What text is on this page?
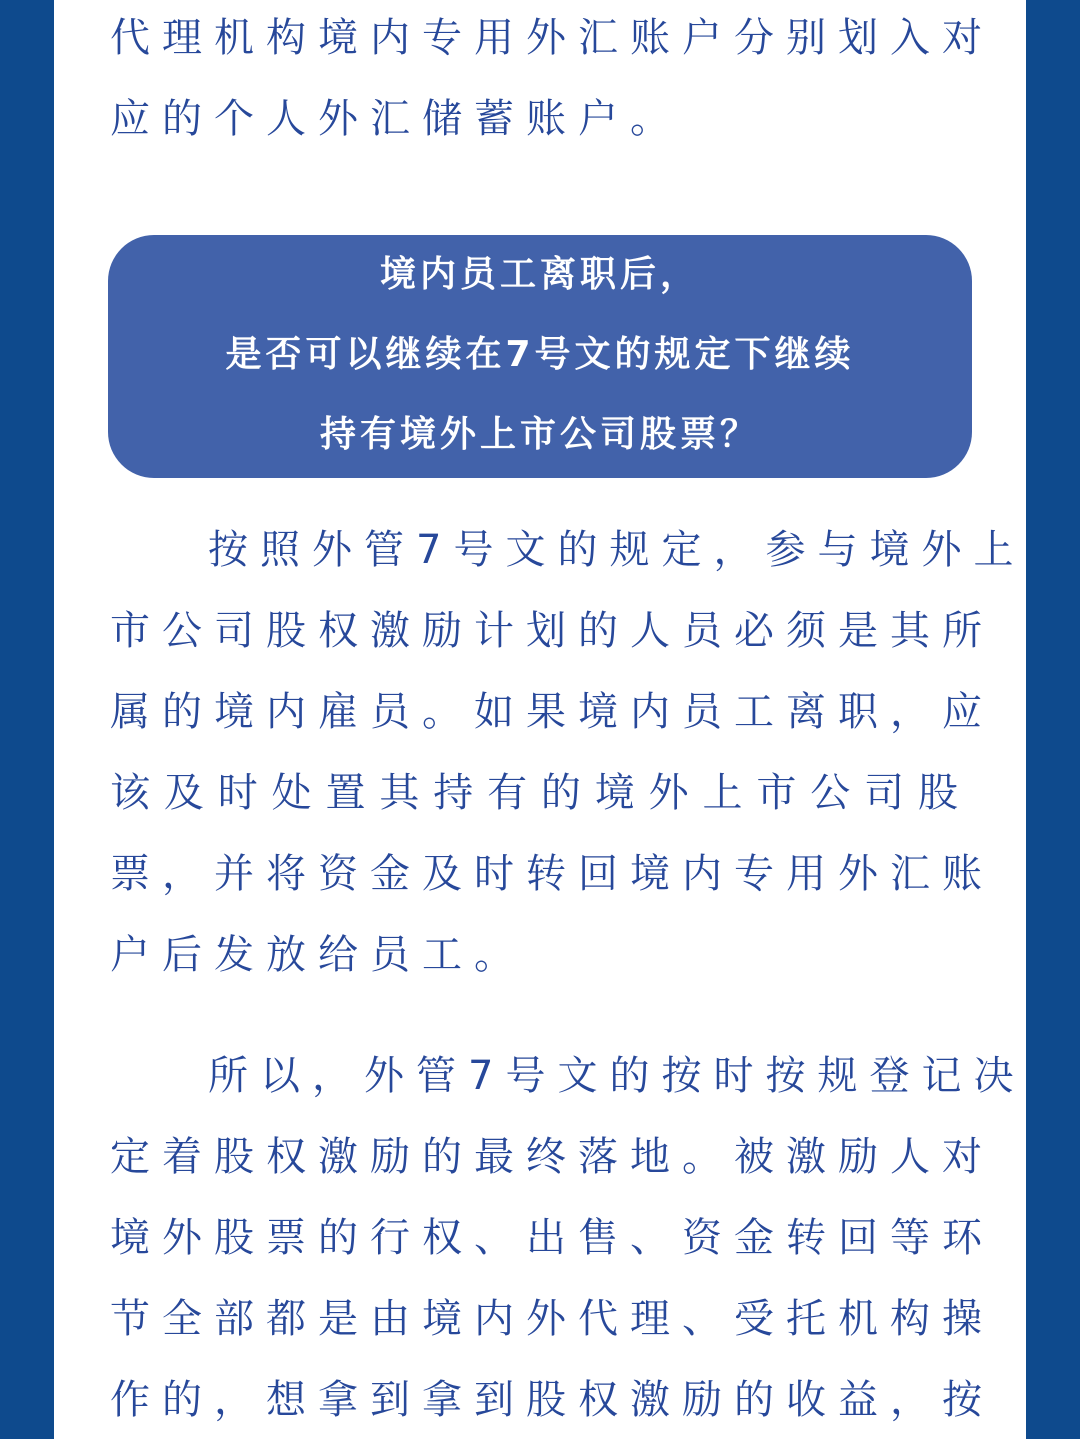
代理机构境内专用外汇账户分别划入对
应的个人外汇储蓄账户。

境内员工离职后，
是否可以继续在7号文的规定下继续
持有境外上市公司股票？

按照外管7号文的规定，参与境外上
市公司股权激励计划的人员必须是其所
属的境内雇员。如果境内员工离职，应
该及时处置其持有的境外上市公司股
票，并将资金及时转回境内专用外汇账
户后发放给员工。

所以，外管7号文的按时按规登记决
定着股权激励的最终落地。被激励人对
境外股票的行权、出售、资金转回等环
节全部都是由境内外代理、受托机构操
作的，想拿到拿到股权激励的收益，按
